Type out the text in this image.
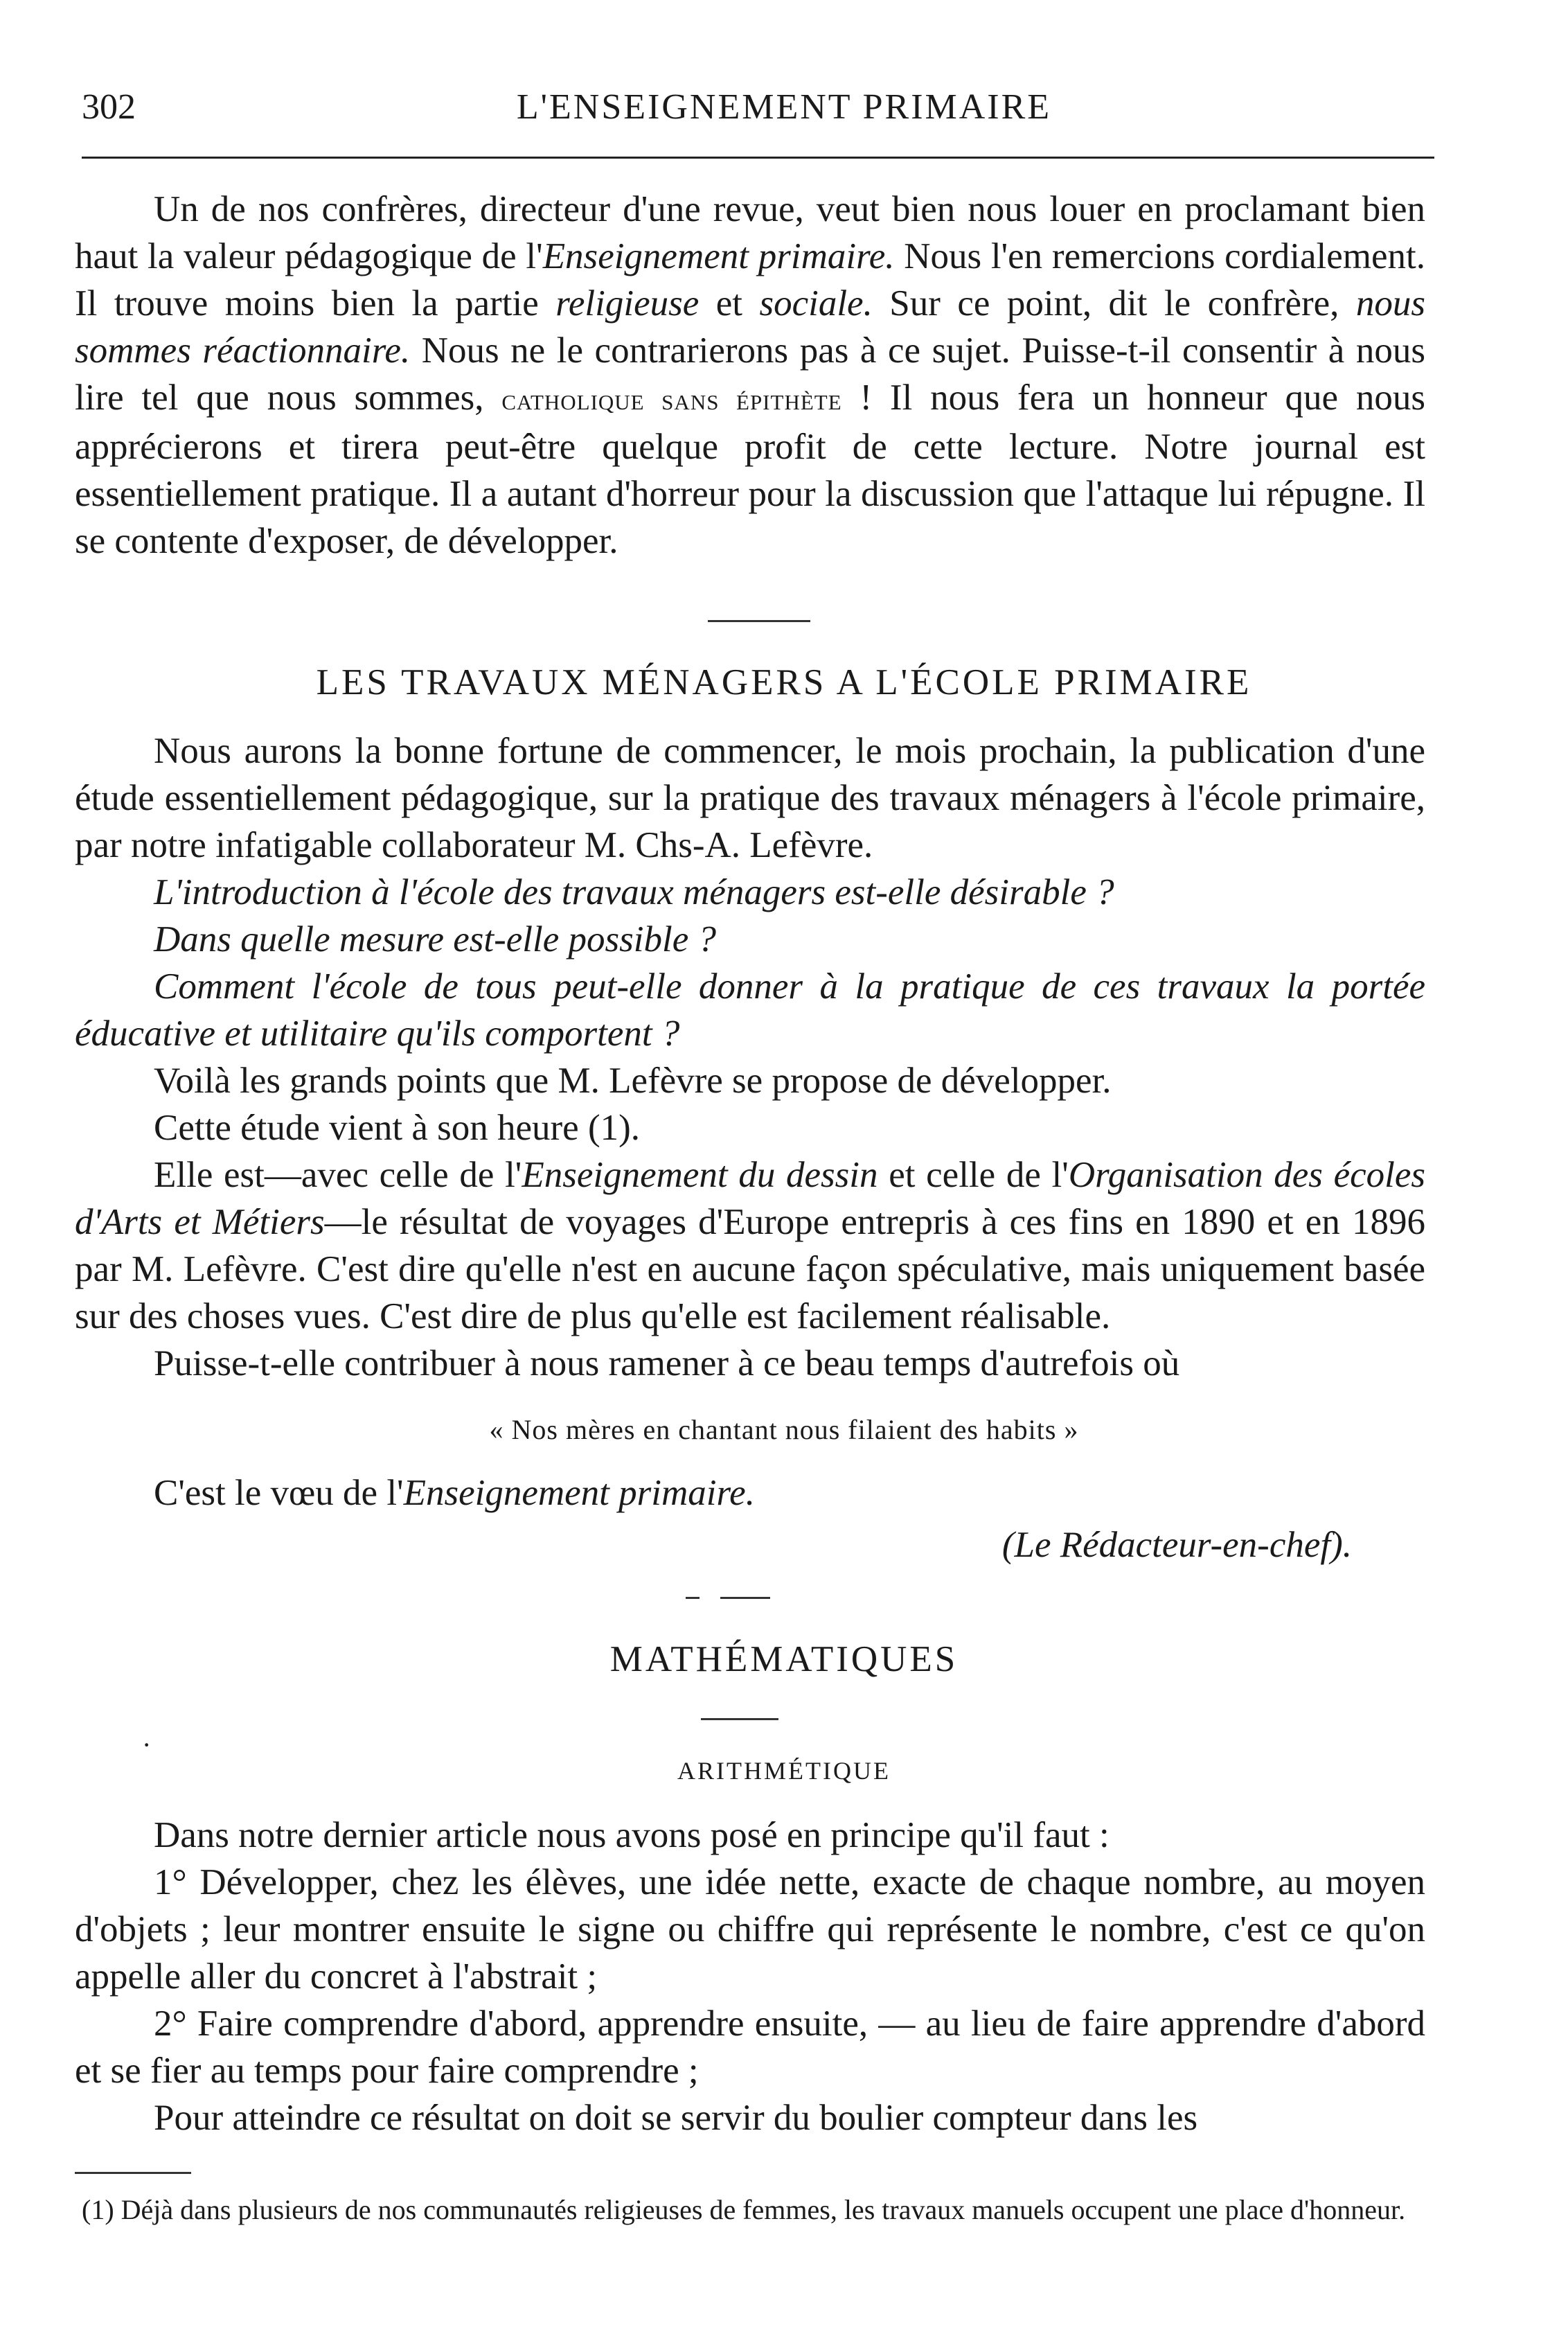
302	L'ENSEIGNEMENT PRIMAIRE

Un de nos confrères, directeur d'une revue, veut bien nous louer en proclamant bien haut la valeur pédagogique de l'Enseignement primaire. Nous l'en remercions cordialement. Il trouve moins bien la partie religieuse et sociale. Sur ce point, dit le confrère, nous sommes réactionnaire. Nous ne le contrarierons pas à ce sujet. Puisse-t-il consentir à nous lire tel que nous sommes, catholique sans épithète ! Il nous fera un honneur que nous apprécierons et tirera peut-être quelque profit de cette lecture. Notre journal est essentiellement pratique. Il a autant d'horreur pour la discussion que l'attaque lui répugne. Il se contente d'exposer, de développer.

LES TRAVAUX MÉNAGERS A L'ÉCOLE PRIMAIRE

Nous aurons la bonne fortune de commencer, le mois prochain, la publication d'une étude essentiellement pédagogique, sur la pratique des travaux ménagers à l'école primaire, par notre infatigable collaborateur M. Chs-A. Lefèvre.

L'introduction à l'école des travaux ménagers est-elle désirable ?

Dans quelle mesure est-elle possible ?

Comment l'école de tous peut-elle donner à la pratique de ces travaux la portée éducative et utilitaire qu'ils comportent ?

Voilà les grands points que M. Lefèvre se propose de développer.

Cette étude vient à son heure (1).

Elle est—avec celle de l'Enseignement du dessin et celle de l'Organisation des écoles d'Arts et Métiers—le résultat de voyages d'Europe entrepris à ces fins en 1890 et en 1896 par M. Lefèvre. C'est dire qu'elle n'est en aucune façon spéculative, mais uniquement basée sur des choses vues. C'est dire de plus qu'elle est facilement réalisable.

Puisse-t-elle contribuer à nous ramener à ce beau temps d'autrefois où

« Nos mères en chantant nous filaient des habits »
C'est le vœu de l'Enseignement primaire.
(Le Rédacteur-en-chef).
MATHÉMATIQUES
·
ARITHMÉTIQUE

Dans notre dernier article nous avons posé en principe qu'il faut :

1° Développer, chez les élèves, une idée nette, exacte de chaque nombre, au moyen d'objets ; leur montrer ensuite le signe ou chiffre qui représente le nombre, c'est ce qu'on appelle aller du concret à l'abstrait ;

2° Faire comprendre d'abord, apprendre ensuite, — au lieu de faire apprendre d'abord et se fier au temps pour faire comprendre ;

Pour atteindre ce résultat on doit se servir du boulier compteur dans les

(1) Déjà dans plusieurs de nos communautés religieuses de femmes, les travaux manuels occupent une place d'honneur.
